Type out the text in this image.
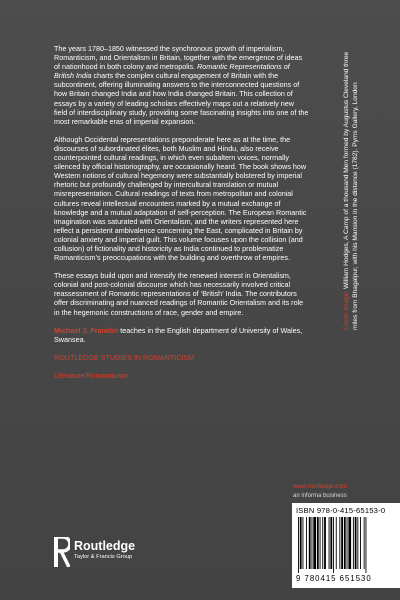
The years 1780–1850 witnessed the synchronous growth of imperialism, Romanticism, and Orientalism in Britain, together with the emergence of ideas of nationhood in both colony and metropolis. Romantic Representations of British India charts the complex cultural engagement of Britain with the subcontinent, offering illuminating answers to the interconnected questions of how Britain changed India and how India changed Britain. This collection of essays by a variety of leading scholars effectively maps out a relatively new field of interdisciplinary study, providing some fascinating insights into one of the most remarkable eras of imperial expansion.

Although Occidental representations preponderate here as at the time, the discourses of subordinated élites, both Muslim and Hindu, also receive counterpointed cultural readings, in which even subaltern voices, normally silenced by official historiography, are occasionally heard. The book shows how Western notions of cultural hegemony were substantially bolstered by imperial rhetoric but profoundly challenged by intercultural translation or mutual misrepresentation. Cultural readings of texts from metropolitan and colonial cultures reveal intellectual encounters marked by a mutual exchange of knowledge and a mutual adaptation of self-perception. The European Romantic imagination was saturated with Orientalism, and the writers represented here reflect a persistent ambivalence concerning the East, complicated in Britain by colonial anxiety and imperial guilt. This volume focuses upon the collision (and collusion) of fictionality and historicity as India continued to problematize Romanticism’s preoccupations with the building and overthrow of empires.

These essays build upon and intensify the renewed interest in Orientalism, colonial and post-colonial discourse which has necessarily involved critical reassessment of Romantic representations of ‘British’ India. The contributors offer discriminating and nuanced readings of Romantic Orientalism and its role in the hegemonic constructions of race, gender and empire.

Michael J. Franklin teaches in the English department of University of Wales, Swansea.

ROUTLEDGE STUDIES IN ROMANTICISM

Literature/Romanticism

Cover image: William Hodges, A Camp of a thousand Men formed by Augustus Cleveland three miles from Bhagalpur, with his Mansion in the distance (1782). Pyms Gallery, London
www.routledge.com
an informa business
ISBN 978-0-415-65153-0
9 780415 651530
Routledge
Taylor & Francis Group
